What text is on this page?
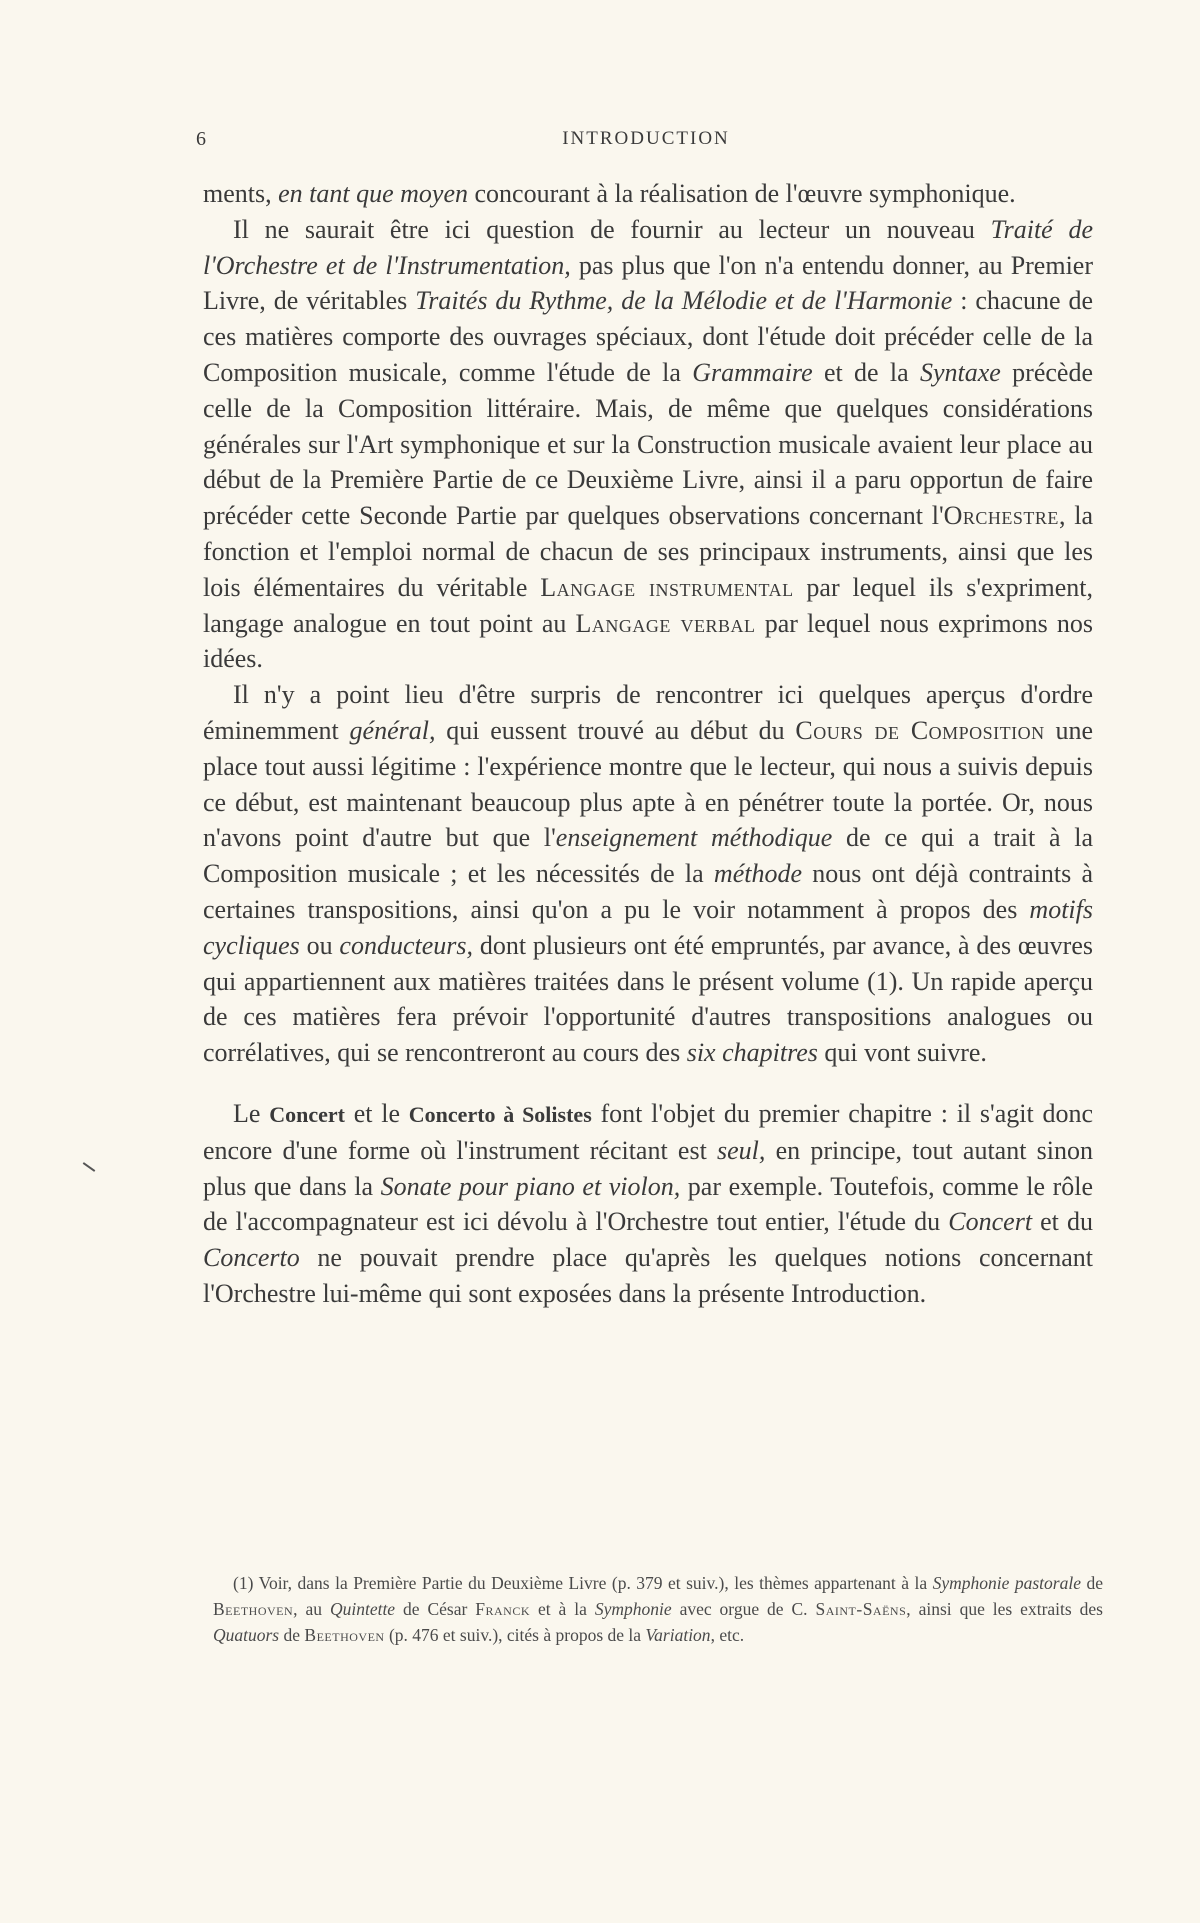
6	INTRODUCTION

ments, en tant que moyen concourant à la réalisation de l'œuvre symphonique.

Il ne saurait être ici question de fournir au lecteur un nouveau Traité de l'Orchestre et de l'Instrumentation, pas plus que l'on n'a entendu donner, au Premier Livre, de véritables Traités du Rythme, de la Mélodie et de l'Harmonie : chacune de ces matières comporte des ouvrages spéciaux, dont l'étude doit précéder celle de la Composition musicale, comme l'étude de la Grammaire et de la Syntaxe précède celle de la Composition littéraire. Mais, de même que quelques considérations générales sur l'Art symphonique et sur la Construction musicale avaient leur place au début de la Première Partie de ce Deuxième Livre, ainsi il a paru opportun de faire précéder cette Seconde Partie par quelques observations concernant l'Orchestre, la fonction et l'emploi normal de chacun de ses principaux instruments, ainsi que les lois élémentaires du véritable Langage instrumental par lequel ils s'expriment, langage analogue en tout point au Langage verbal par lequel nous exprimons nos idées.

Il n'y a point lieu d'être surpris de rencontrer ici quelques aperçus d'ordre éminemment général, qui eussent trouvé au début du Cours de Composition une place tout aussi légitime : l'expérience montre que le lecteur, qui nous a suivis depuis ce début, est maintenant beaucoup plus apte à en pénétrer toute la portée. Or, nous n'avons point d'autre but que l'enseignement méthodique de ce qui a trait à la Composition musicale ; et les nécessités de la méthode nous ont déjà contraints à certaines transpositions, ainsi qu'on a pu le voir notamment à propos des motifs cycliques ou conducteurs, dont plusieurs ont été empruntés, par avance, à des œuvres qui appartiennent aux matières traitées dans le présent volume (1). Un rapide aperçu de ces matières fera prévoir l'opportunité d'autres transpositions analogues ou corrélatives, qui se rencontreront au cours des six chapitres qui vont suivre.

Le Concert et le Concerto à Solistes font l'objet du premier chapitre : il s'agit donc encore d'une forme où l'instrument récitant est seul, en principe, tout autant sinon plus que dans la Sonate pour piano et violon, par exemple. Toutefois, comme le rôle de l'accompagnateur est ici dévolu à l'Orchestre tout entier, l'étude du Concert et du Concerto ne pouvait prendre place qu'après les quelques notions concernant l'Orchestre lui-même qui sont exposées dans la présente Introduction.

(1) Voir, dans la Première Partie du Deuxième Livre (p. 379 et suiv.), les thèmes appartenant à la Symphonie pastorale de Beethoven, au Quintette de César Franck et à la Symphonie avec orgue de C. Saint-Saëns, ainsi que les extraits des Quatuors de Beethoven (p. 476 et suiv.), cités à propos de la Variation, etc.
